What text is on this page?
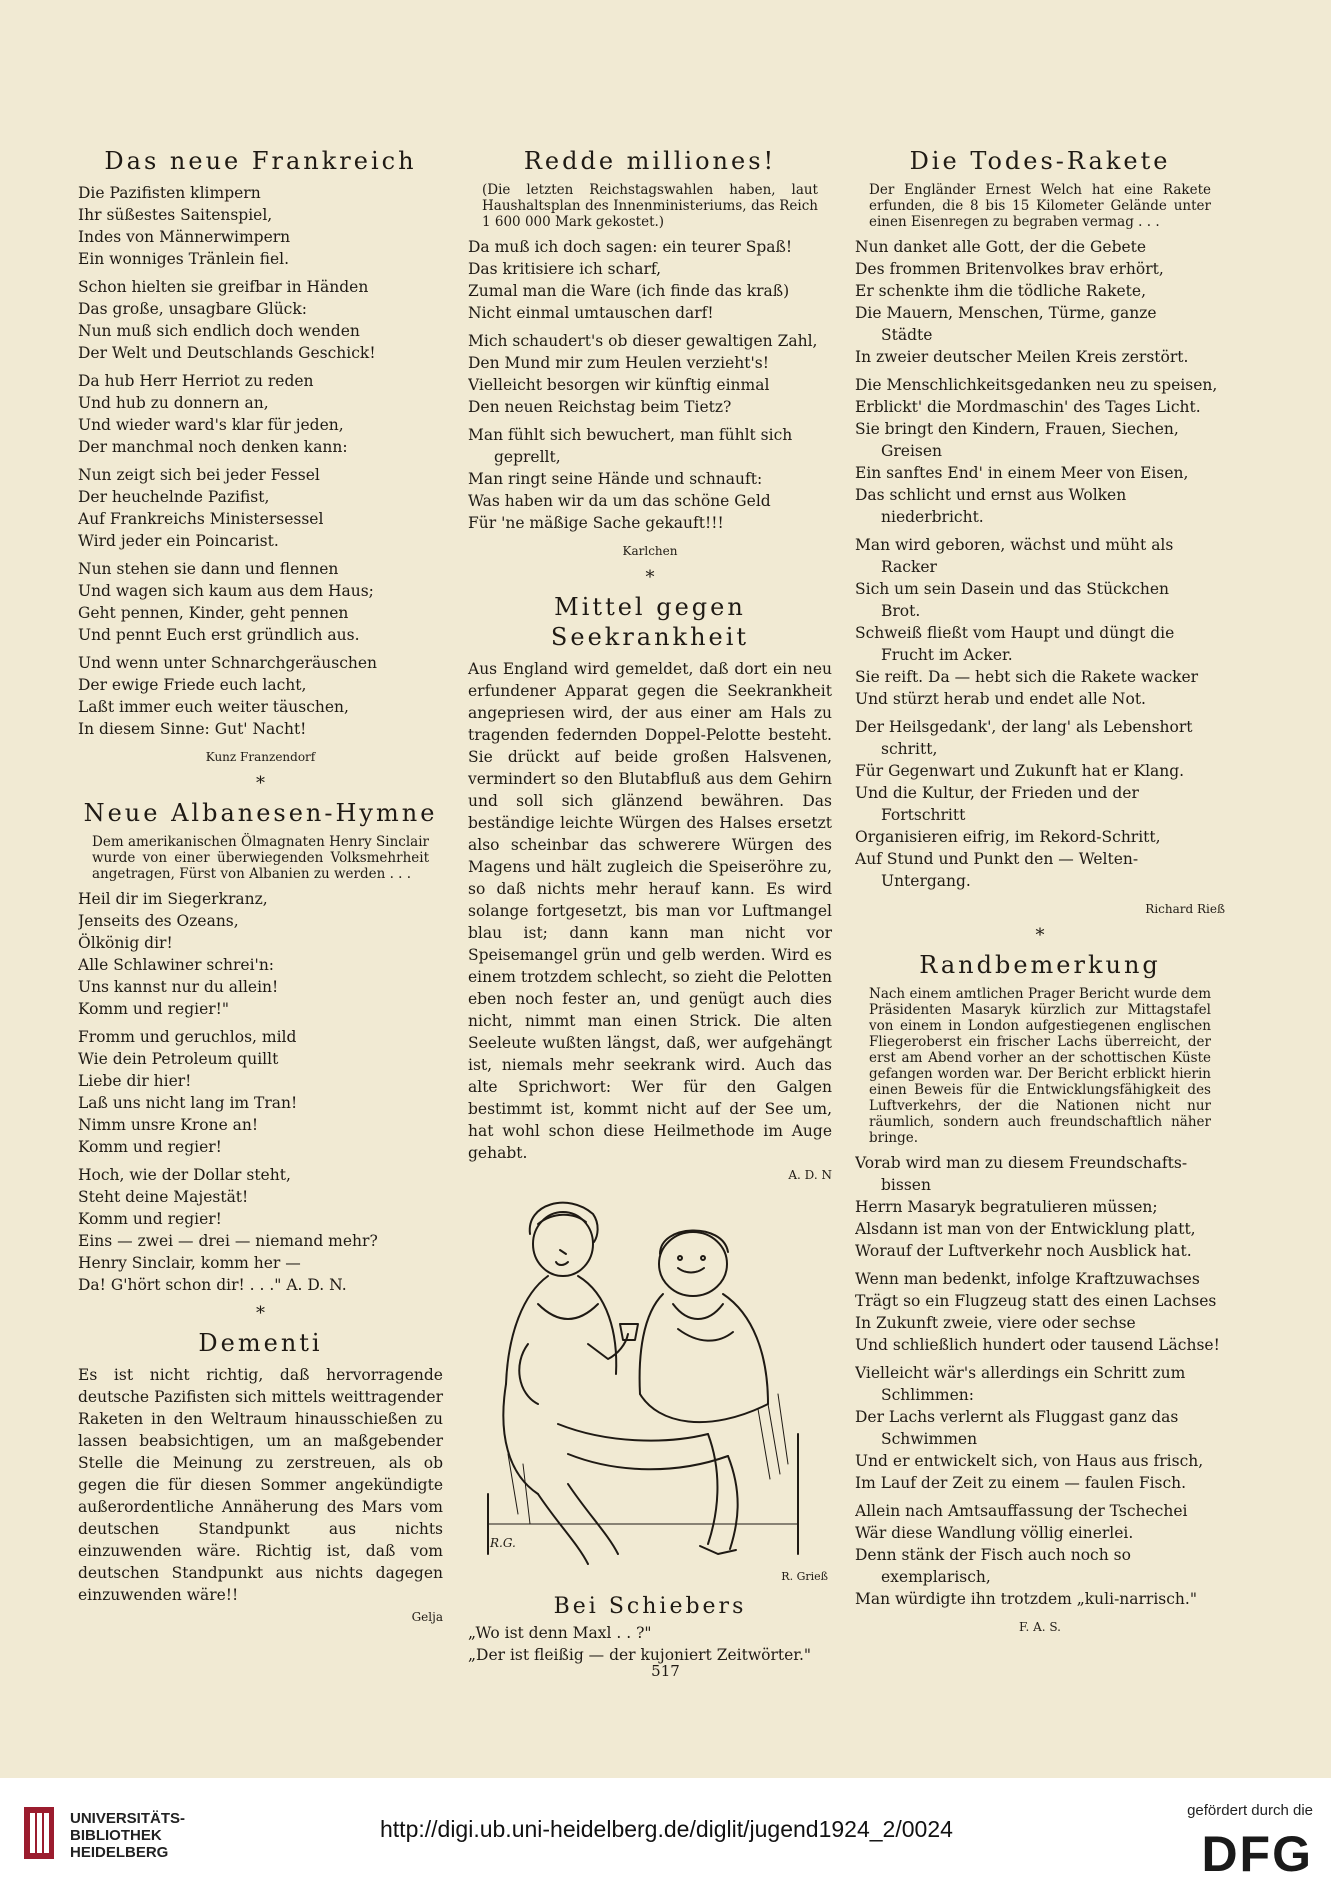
Das neue Frankreich
Die Pazifisten klimpern
Ihr süßestes Saitenspiel,
Indes von Männerwimpern
Ein wonniges Tränlein fiel.
Schon hielten sie greifbar in Händen
Das große, unsagbare Glück:
Nun muß sich endlich doch wenden
Der Welt und Deutschlands Geschick!
Da hub Herr Herriot zu reden
Und hub zu donnern an,
Und wieder ward's klar für jeden,
Der manchmal noch denken kann:
Nun zeigt sich bei jeder Fessel
Der heuchelnde Pazifist,
Auf Frankreichs Ministersessel
Wird jeder ein Poincarist.
Nun stehen sie dann und flennen
Und wagen sich kaum aus dem Haus;
Geht pennen, Kinder, geht pennen
Und pennt Euch erst gründlich aus.
Und wenn unter Schnarchgeräuschen
Der ewige Friede euch lacht,
Laßt immer euch weiter täuschen,
In diesem Sinne: Gut' Nacht!
Kunz Franzendorf
*
Neue Albanesen-Hymne
Dem amerikanischen Ölmagnaten Henry Sinclair wurde von einer überwiegenden Volksmehrheit angetragen, Fürst von Albanien zu werden . . .
Heil dir im Siegerkranz,
Jenseits des Ozeans,
Ölkönig dir!
Alle Schlawiner schrei'n:
Uns kannst nur du allein!
Komm und regier!"
Fromm und geruchlos, mild
Wie dein Petroleum quillt
Liebe dir hier!
Laß uns nicht lang im Tran!
Nimm unsre Krone an!
Komm und regier!
Hoch, wie der Dollar steht,
Steht deine Majestät!
Komm und regier!
Eins — zwei — drei — niemand mehr?
Henry Sinclair, komm her —
Da! G'hört schon dir! . . ." A. D. N.
*
Dementi

Es ist nicht richtig, daß hervorragende deutsche Pazifisten sich mittels weittragender Raketen in den Weltraum hinausschießen zu lassen beabsichtigen, um an maßgebender Stelle die Meinung zu zerstreuen, als ob gegen die für diesen Sommer angekündigte außerordentliche Annäherung des Mars vom deutschen Standpunkt aus nichts einzuwenden wäre. Richtig ist, daß vom deutschen Standpunkt aus nichts dagegen einzuwenden wäre!!

Gelja
Redde milliones!
(Die letzten Reichstagswahlen haben, laut Haushaltsplan des Innenministeriums, das Reich 1 600 000 Mark gekostet.)
Da muß ich doch sagen: ein teurer Spaß!
Das kritisiere ich scharf,
Zumal man die Ware (ich finde das kraß)
Nicht einmal umtauschen darf!
Mich schaudert's ob dieser gewaltigen Zahl,
Den Mund mir zum Heulen verzieht's!
Vielleicht besorgen wir künftig einmal
Den neuen Reichstag beim Tietz?
Man fühlt sich bewuchert, man fühlt sich
geprellt,
Man ringt seine Hände und schnauft:
Was haben wir da um das schöne Geld
Für 'ne mäßige Sache gekauft!!!
Karlchen
*
Mittel gegen Seekrankheit

Aus England wird gemeldet, daß dort ein neu erfundener Apparat gegen die Seekrankheit angepriesen wird, der aus einer am Hals zu tragenden federnden Doppel-Pelotte besteht. Sie drückt auf beide großen Halsvenen, vermindert so den Blutabfluß aus dem Gehirn und soll sich glänzend bewähren. Das beständige leichte Würgen des Halses ersetzt also scheinbar das schwerere Würgen des Magens und hält zugleich die Speiseröhre zu, so daß nichts mehr herauf kann. Es wird solange fortgesetzt, bis man vor Luftmangel blau ist; dann kann man nicht vor Speisemangel grün und gelb werden. Wird es einem trotzdem schlecht, so zieht die Pelotten eben noch fester an, und genügt auch dies nicht, nimmt man einen Strick. Die alten Seeleute wußten längst, daß, wer aufgehängt ist, niemals mehr seekrank wird. Auch das alte Sprichwort: Wer für den Galgen bestimmt ist, kommt nicht auf der See um, hat wohl schon diese Heilmethode im Auge gehabt.

A. D. N
R.G.
R. Grieß
Bei Schiebers
„Wo ist denn Maxl . . ?"
„Der ist fleißig — der kujoniert Zeitwörter."
Die Todes-Rakete
Der Engländer Ernest Welch hat eine Rakete erfunden, die 8 bis 15 Kilometer Gelände unter einen Eisenregen zu begraben vermag . . .
Nun danket alle Gott, der die Gebete
Des frommen Britenvolkes brav erhört,
Er schenkte ihm die tödliche Rakete,
Die Mauern, Menschen, Türme, ganze
Städte
In zweier deutscher Meilen Kreis zerstört.
Die Menschlichkeitsgedanken neu zu speisen,
Erblickt' die Mordmaschin' des Tages Licht.
Sie bringt den Kindern, Frauen, Siechen,
Greisen
Ein sanftes End' in einem Meer von Eisen,
Das schlicht und ernst aus Wolken
niederbricht.
Man wird geboren, wächst und müht als
Racker
Sich um sein Dasein und das Stückchen
Brot.
Schweiß fließt vom Haupt und düngt die
Frucht im Acker.
Sie reift. Da — hebt sich die Rakete wacker
Und stürzt herab und endet alle Not.
Der Heilsgedank', der lang' als Lebenshort
schritt,
Für Gegenwart und Zukunft hat er Klang.
Und die Kultur, der Frieden und der
Fortschritt
Organisieren eifrig, im Rekord-Schritt,
Auf Stund und Punkt den — Welten-
Untergang.
Richard Rieß
*
Randbemerkung
Nach einem amtlichen Prager Bericht wurde dem Präsidenten Masaryk kürzlich zur Mittagstafel von einem in London aufgestiegenen englischen Fliegeroberst ein frischer Lachs überreicht, der erst am Abend vorher an der schottischen Küste gefangen worden war. Der Bericht erblickt hierin einen Beweis für die Entwicklungsfähigkeit des Luftverkehrs, der die Nationen nicht nur räumlich, sondern auch freundschaftlich näher bringe.
Vorab wird man zu diesem Freundschafts-
bissen
Herrn Masaryk begratulieren müssen;
Alsdann ist man von der Entwicklung platt,
Worauf der Luftverkehr noch Ausblick hat.
Wenn man bedenkt, infolge Kraftzuwachses
Trägt so ein Flugzeug statt des einen Lachses
In Zukunft zweie, viere oder sechse
Und schließlich hundert oder tausend Lächse!
Vielleicht wär's allerdings ein Schritt zum
Schlimmen:
Der Lachs verlernt als Fluggast ganz das
Schwimmen
Und er entwickelt sich, von Haus aus frisch,
Im Lauf der Zeit zu einem — faulen Fisch.
Allein nach Amtsauffassung der Tschechei
Wär diese Wandlung völlig einerlei.
Denn stänk der Fisch auch noch so
exemplarisch,
Man würdigte ihn trotzdem „kuli-narrisch."
F. A. S.
517
UNIVERSITÄTS-
BIBLIOTHEK
HEIDELBERG
http://digi.ub.uni-heidelberg.de/diglit/jugend1924_2/0024
gefördert durch die
DFG
